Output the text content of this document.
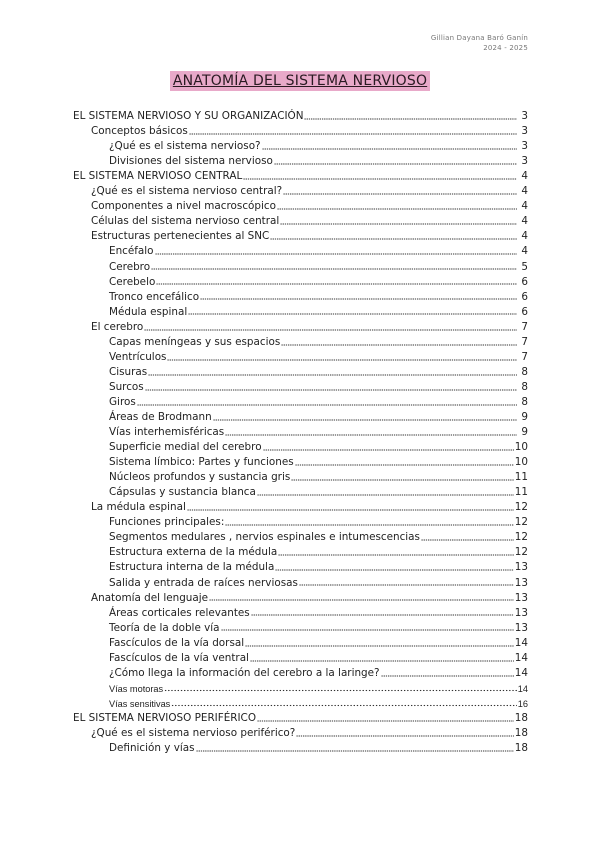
Gillian Dayana Baró Ganín
2024 - 2025
ANATOMÍA DEL SISTEMA NERVIOSO
EL SISTEMA NERVIOSO Y SU ORGANIZACIÓN	3
Conceptos básicos	3
¿Qué es el sistema nervioso?	3
Divisiones del sistema nervioso	3
EL SISTEMA NERVIOSO CENTRAL	4
¿Qué es el sistema nervioso central?	4
Componentes a nivel macroscópico	4
Células del sistema nervioso central	4
Estructuras pertenecientes al SNC	4
Encéfalo	4
Cerebro	5
Cerebelo	6
Tronco encefálico	6
Médula espinal	6
El cerebro	7
Capas meníngeas y sus espacios	7
Ventrículos	7
Cisuras	8
Surcos	8
Giros	8
Áreas de Brodmann	9
Vías interhemisféricas	9
Superficie medial del cerebro	10
Sistema límbico: Partes y funciones	10
Núcleos profundos y sustancia gris	11
Cápsulas y sustancia blanca	11
La médula espinal	12
Funciones principales:	12
Segmentos medulares , nervios espinales e intumescencias	12
Estructura externa de la médula	12
Estructura interna de la médula	13
Salida y entrada de raíces nerviosas	13
Anatomía del lenguaje	13
Áreas corticales relevantes	13
Teoría de la doble vía	13
Fascículos de la vía dorsal	14
Fascículos de la vía ventral	14
¿Cómo llega la información del cerebro a la laringe?	14
Vías motoras	14
Vías sensitivas	16
EL SISTEMA NERVIOSO PERIFÉRICO	18
¿Qué es el sistema nervioso periférico?	18
Definición y vías	18
